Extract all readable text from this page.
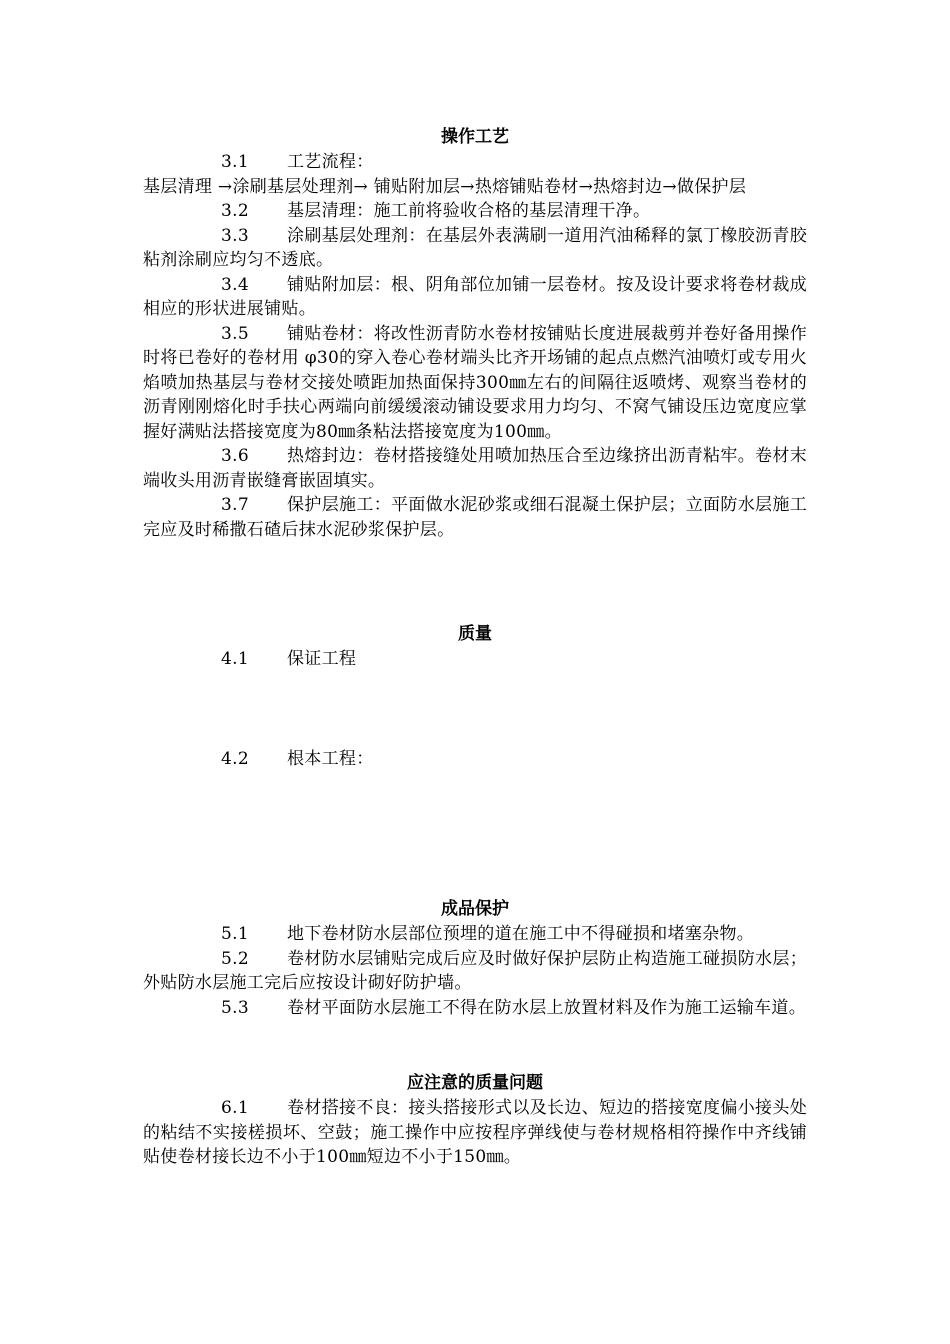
操作工艺

3.1 工艺流程：

基层清理 →涂刷基层处理剂→ 铺贴附加层→热熔铺贴卷材→热熔封边→做保护层

3.2 基层清理：施工前将验收合格的基层清理干净。

3.3 涂刷基层处理剂：在基层外表满刷一道用汽油稀释的氯丁橡胶沥青胶粘剂涂刷应均匀不透底。

3.4 铺贴附加层：根、阴角部位加铺一层卷材。按及设计要求将卷材裁成相应的形状进展铺贴。

3.5 铺贴卷材：将改性沥青防水卷材按铺贴长度进展裁剪并卷好备用操作时将已卷好的卷材用 φ30的穿入卷心卷材端头比齐开场铺的起点点燃汽油喷灯或专用火焰喷加热基层与卷材交接处喷距加热面保持300㎜左右的间隔往返喷烤、观察当卷材的沥青刚刚熔化时手扶心两端向前缓缓滚动铺设要求用力均匀、不窝气铺设压边宽度应掌握好满贴法搭接宽度为80㎜条粘法搭接宽度为100㎜。

3.6 热熔封边：卷材搭接缝处用喷加热压合至边缘挤出沥青粘牢。卷材末端收头用沥青嵌缝膏嵌固填实。

3.7 保护层施工：平面做水泥砂浆或细石混凝土保护层；立面防水层施工完应及时稀撒石碴后抹水泥砂浆保护层。

质量

4.1 保证工程

4.2 根本工程：

成品保护

5.1 地下卷材防水层部位预埋的道在施工中不得碰损和堵塞杂物。

5.2 卷材防水层铺贴完成后应及时做好保护层防止构造施工碰损防水层；外贴防水层施工完后应按设计砌好防护墙。

5.3 卷材平面防水层施工不得在防水层上放置材料及作为施工运输车道。

应注意的质量问题

6.1 卷材搭接不良：接头搭接形式以及长边、短边的搭接宽度偏小接头处的粘结不实接槎损坏、空鼓；施工操作中应按程序弹线使与卷材规格相符操作中齐线铺贴使卷材接长边不小于100㎜短边不小于150㎜。
